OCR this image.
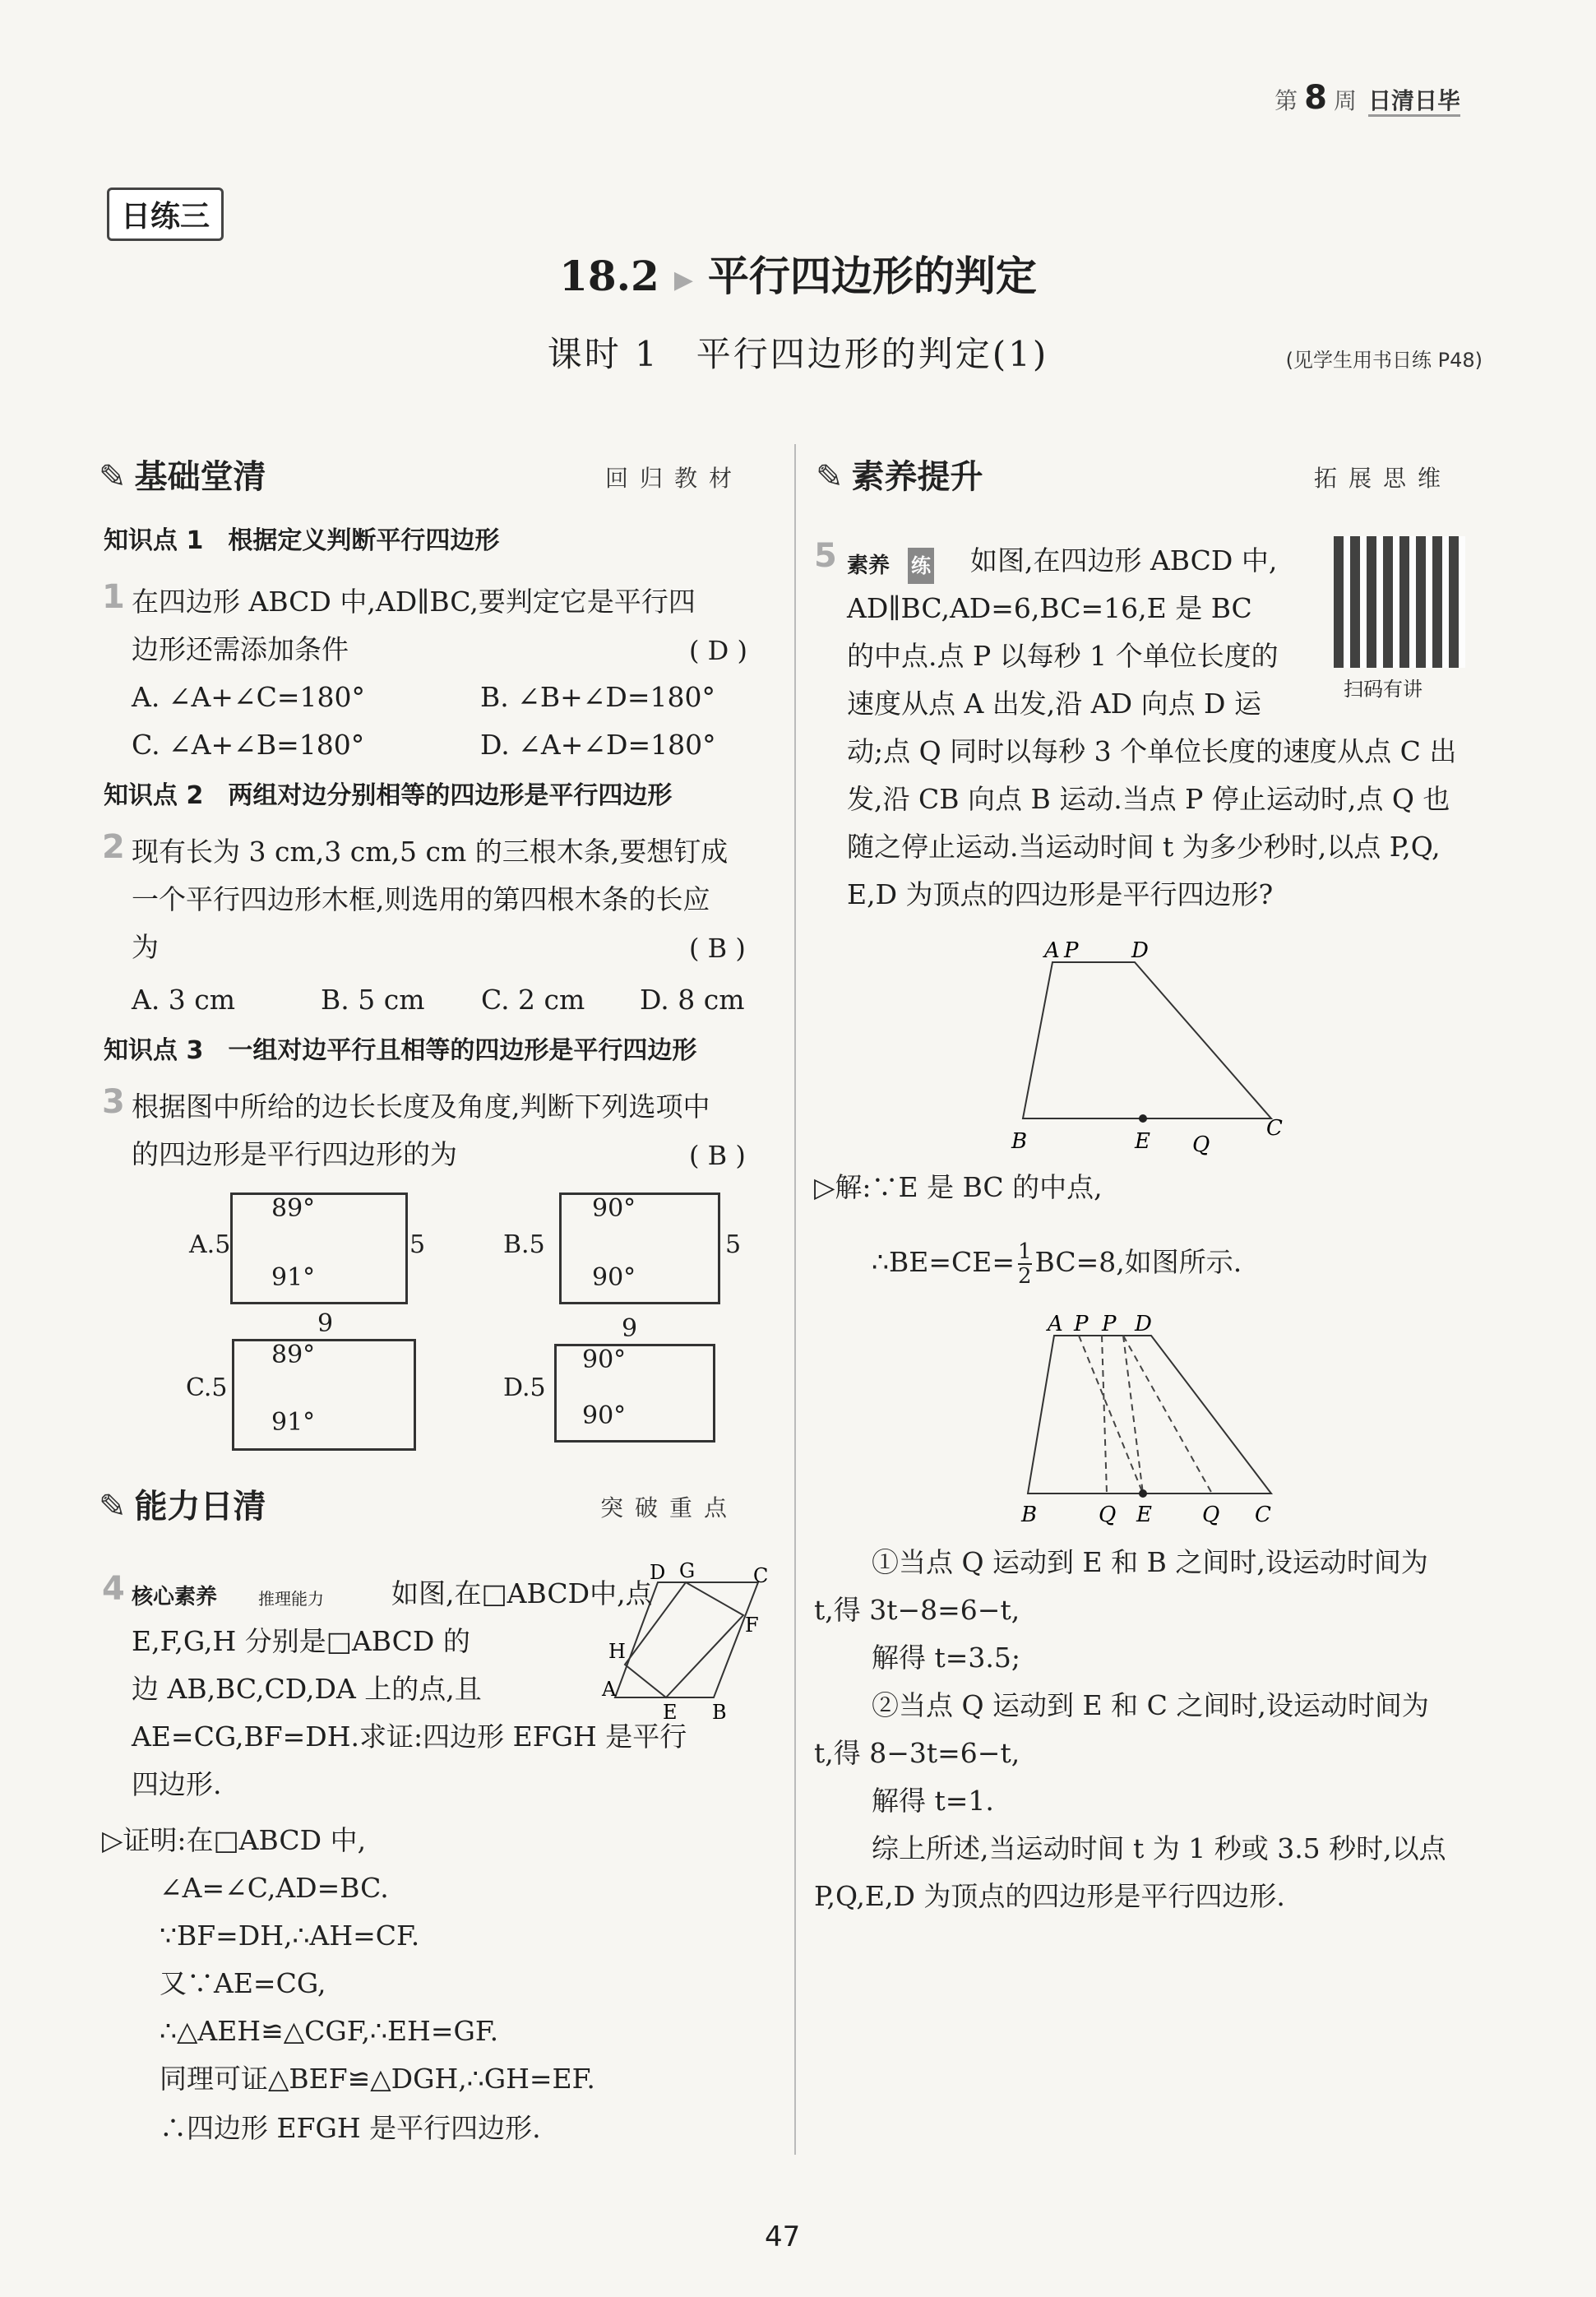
第 8 周 日清日毕
日练三
18.2 ▶ 平行四边形的判定
课时 1　平行四边形的判定(1)	(见学生用书日练 P48)
✎ 基础堂清	回归教材
知识点 1　根据定义判断平行四边形
1 在四边形 ABCD 中,AD∥BC,要判定它是平行四
边形还需添加条件	( D )
A. ∠A+∠C=180°	B. ∠B+∠D=180°
C. ∠A+∠B=180°	D. ∠A+∠D=180°
知识点 2　两组对边分别相等的四边形是平行四边形
2 现有长为 3 cm,3 cm,5 cm 的三根木条,要想钉成
一个平行四边形木框,则选用的第四根木条的长应
为	( B )
A. 3 cm	B. 5 cm C. 2 cm D. 8 cm
知识点 3　一组对边平行且相等的四边形是平行四边形
3 根据图中所给的边长长度及角度,判断下列选项中
的四边形是平行四边形的为	( B )
A.5
89°
91°
5	B.5
90°
90°
5
9
C.5
89°
91°
9
D.5
90°
90°
✎ 能力日清	突破重点
4 核心素养 推理能力 如图,在□ABCD中,点
E,F,G,H 分别是□ABCD 的
边 AB,BC,CD,DA 上的点,且
AE=CG,BF=DH.求证:四边形 EFGH 是平行
四边形.
A
B
C
D
E
F
G
H
▷证明:在□ABCD 中,
∠A=∠C,AD=BC.
∵BF=DH,∴AH=CF.
又∵AE=CG,
∴△AEH≌△CGF,∴EH=GF.
同理可证△BEF≌△DGH,∴GH=EF.
∴四边形 EFGH 是平行四边形.
✎ 素养提升	拓展思维
5 素养 练 如图,在四边形 ABCD 中,
AD∥BC,AD=6,BC=16,E 是 BC
的中点.点 P 以每秒 1 个单位长度的
速度从点 A 出发,沿 AD 向点 D 运
动;点 Q 同时以每秒 3 个单位长度的速度从点 C 出
发,沿 CB 向点 B 运动.当点 P 停止运动时,点 Q 也
随之停止运动.当运动时间 t 为多少秒时,以点 P,Q,
E,D 为顶点的四边形是平行四边形?
扫码有讲
A P D
B	E Q
C
▷解:∵E 是 BC 的中点,
∴BE=CE= $\frac{1}{2} BC=8$,如图所示.
A P P D
B	Q E Q C
①当点 Q 运动到 E 和 B 之间时,设运动时间为
t,得 3t−8=6−t,
解得 t=3.5;
②当点 Q 运动到 E 和 C 之间时,设运动时间为
t,得 8−3t=6−t,
解得 t=1.
综上所述,当运动时间 t 为 1 秒或 3.5 秒时,以点
P,Q,E,D 为顶点的四边形是平行四边形.
47
